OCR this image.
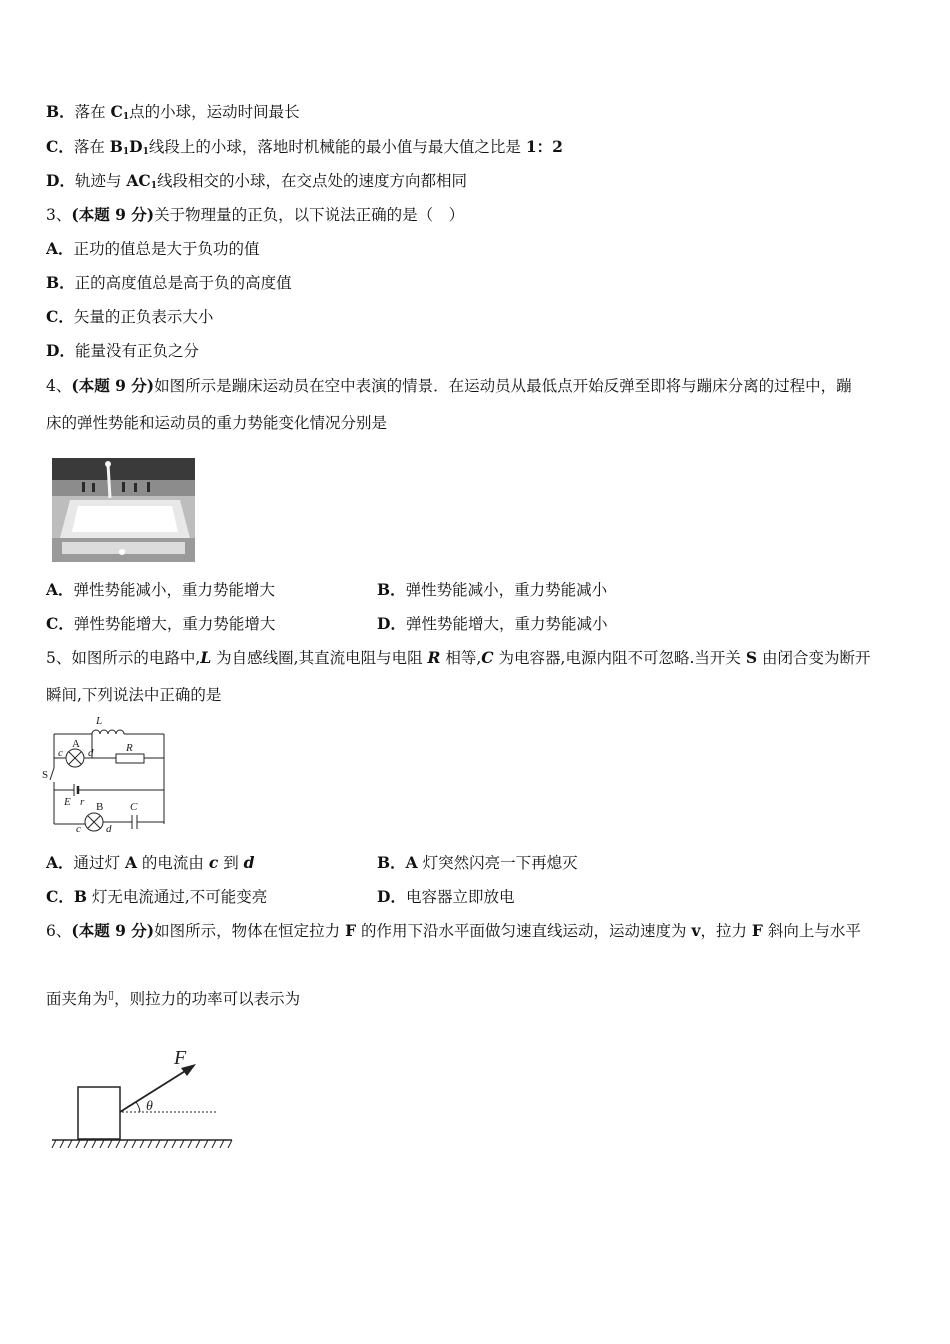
B．落在 $C_1$点的小球，运动时间最长
C．落在 $B_1D_1$线段上的小球，落地时机械能的最小值与最大值之比是 1：2
D．轨迹与 $AC_1$线段相交的小球，在交点处的速度方向都相同
3、(本题 9 分)关于物理量的正负，以下说法正确的是（　）
A．正功的值总是大于负功的值
B．正的高度值总是高于负的高度值
C．矢量的正负表示大小
D．能量没有正负之分
4、(本题 9 分)如图所示是蹦床运动员在空中表演的情景．在运动员从最低点开始反弹至即将与蹦床分离的过程中，蹦
床的弹性势能和运动员的重力势能变化情况分别是
A．弹性势能减小，重力势能增大	B．弹性势能减小，重力势能减小
C．弹性势能增大，重力势能增大	D．弹性势能增大，重力势能减小
5、如图所示的电路中,L 为自感线圈,其直流电阻与电阻 R 相等,C 为电容器,电源内阻不可忽略.当开关 S 由闭合变为断开
瞬间,下列说法中正确的是
L
c d	R
E r	C
c d
A
S
B
A．通过灯 A 的电流由 c 到 d	B．A 灯突然闪亮一下再熄灭
C．B 灯无电流通过,不可能变亮	D．电容器立即放电
6、(本题 9 分)如图所示，物体在恒定拉力 F 的作用下沿水平面做匀速直线运动，运动速度为 v，拉力 F 斜向上与水平
面夹角为▯，则拉力的功率可以表示为
F
θ
